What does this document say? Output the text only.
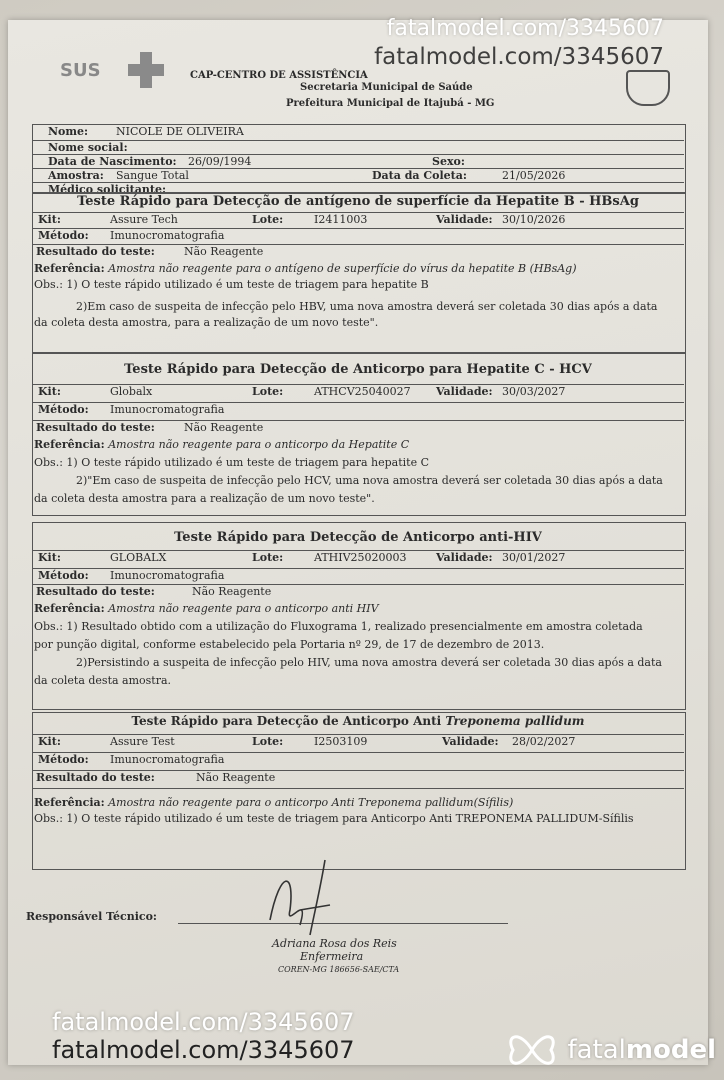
fatalmodel.com/3345607
fatalmodel.com/3345607
SUS	CAP-CENTRO DE ASSISTÊNCIA
Secretaria Municipal de Saúde
Prefeitura Municipal de Itajubá - MG
Nome:	NICOLE DE OLIVEIRA
Nome social:
Data de Nascimento: 26/09/1994	Sexo:
Amostra: Sangue Total	Data da Coleta:	21/05/2026
Médico solicitante:
Teste Rápido para Detecção de antígeno de superfície da Hepatite B - HBsAg
Kit:	Assure Tech	Lote:	I2411003	Validade: 30/10/2026
Método: Imunocromatografia
Resultado do teste:	Não Reagente
Referência: Amostra não reagente para o antígeno de superfície do vírus da hepatite B (HBsAg)
Obs.: 1) O teste rápido utilizado é um teste de triagem para hepatite B
2)Em caso de suspeita de infecção pelo HBV, uma nova amostra deverá ser coletada 30 dias após a data
da coleta desta amostra, para a realização de um novo teste".
Teste Rápido para Detecção de Anticorpo para Hepatite C - HCV
Kit:	Globalx	Lote:	ATHCV25040027 Validade: 30/03/2027
Método: Imunocromatografia
Resultado do teste:	Não Reagente
Referência: Amostra não reagente para o anticorpo da Hepatite C
Obs.: 1) O teste rápido utilizado é um teste de triagem para hepatite C
2)"Em caso de suspeita de infecção pelo HCV, uma nova amostra deverá ser coletada 30 dias após a data
da coleta desta amostra para a realização de um novo teste".
Teste Rápido para Detecção de Anticorpo anti-HIV
Kit:	GLOBALX	Lote:	ATHIV25020003	Validade: 30/01/2027
Método: Imunocromatografia
Resultado do teste:	Não Reagente
Referência: Amostra não reagente para o anticorpo anti HIV
Obs.: 1) Resultado obtido com a utilização do Fluxograma 1, realizado presencialmente em amostra coletada
por punção digital, conforme estabelecido pela Portaria nº 29, de 17 de dezembro de 2013.
2)Persistindo a suspeita de infecção pelo HIV, uma nova amostra deverá ser coletada 30 dias após a data
da coleta desta amostra.
Teste Rápido para Detecção de Anticorpo Anti Treponema pallidum
Kit:	Assure Test	Lote:	I2503109	Validade: 28/02/2027
Método: Imunocromatografia
Resultado do teste:	Não Reagente
Referência: Amostra não reagente para o anticorpo Anti Treponema pallidum(Sífilis)
Obs.: 1) O teste rápido utilizado é um teste de triagem para Anticorpo Anti TREPONEMA PALLIDUM-Sífilis
Responsável Técnico:
Adriana Rosa dos Reis
Enfermeira
COREN-MG 186656-SAE/CTA
fatalmodel.com/3345607
fatalmodel.com/3345607	fatalmodel
